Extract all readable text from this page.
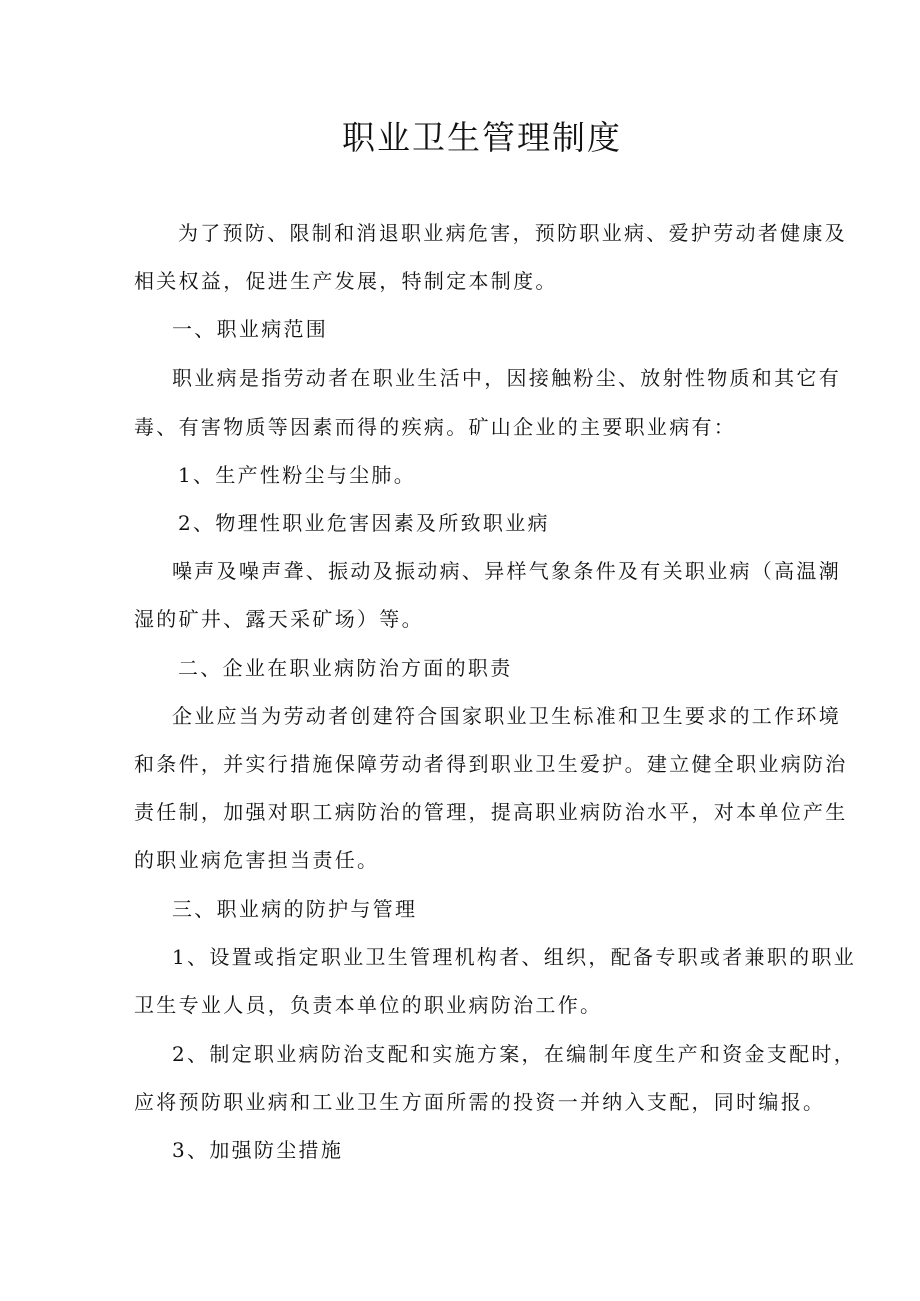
职业卫生管理制度
为了预防、限制和消退职业病危害，预防职业病、爱护劳动者健康及
相关权益，促进生产发展，特制定本制度。
一、职业病范围
职业病是指劳动者在职业生活中，因接触粉尘、放射性物质和其它有
毒、有害物质等因素而得的疾病。矿山企业的主要职业病有：
1、生产性粉尘与尘肺。
2、物理性职业危害因素及所致职业病
噪声及噪声聋、振动及振动病、异样气象条件及有关职业病（高温潮
湿的矿井、露天采矿场）等。
二、企业在职业病防治方面的职责
企业应当为劳动者创建符合国家职业卫生标准和卫生要求的工作环境
和条件，并实行措施保障劳动者得到职业卫生爱护。建立健全职业病防治
责任制，加强对职工病防治的管理，提高职业病防治水平，对本单位产生
的职业病危害担当责任。
三、职业病的防护与管理
1、设置或指定职业卫生管理机构者、组织，配备专职或者兼职的职业
卫生专业人员，负责本单位的职业病防治工作。
2、制定职业病防治支配和实施方案，在编制年度生产和资金支配时，
应将预防职业病和工业卫生方面所需的投资一并纳入支配，同时编报。
3、加强防尘措施
